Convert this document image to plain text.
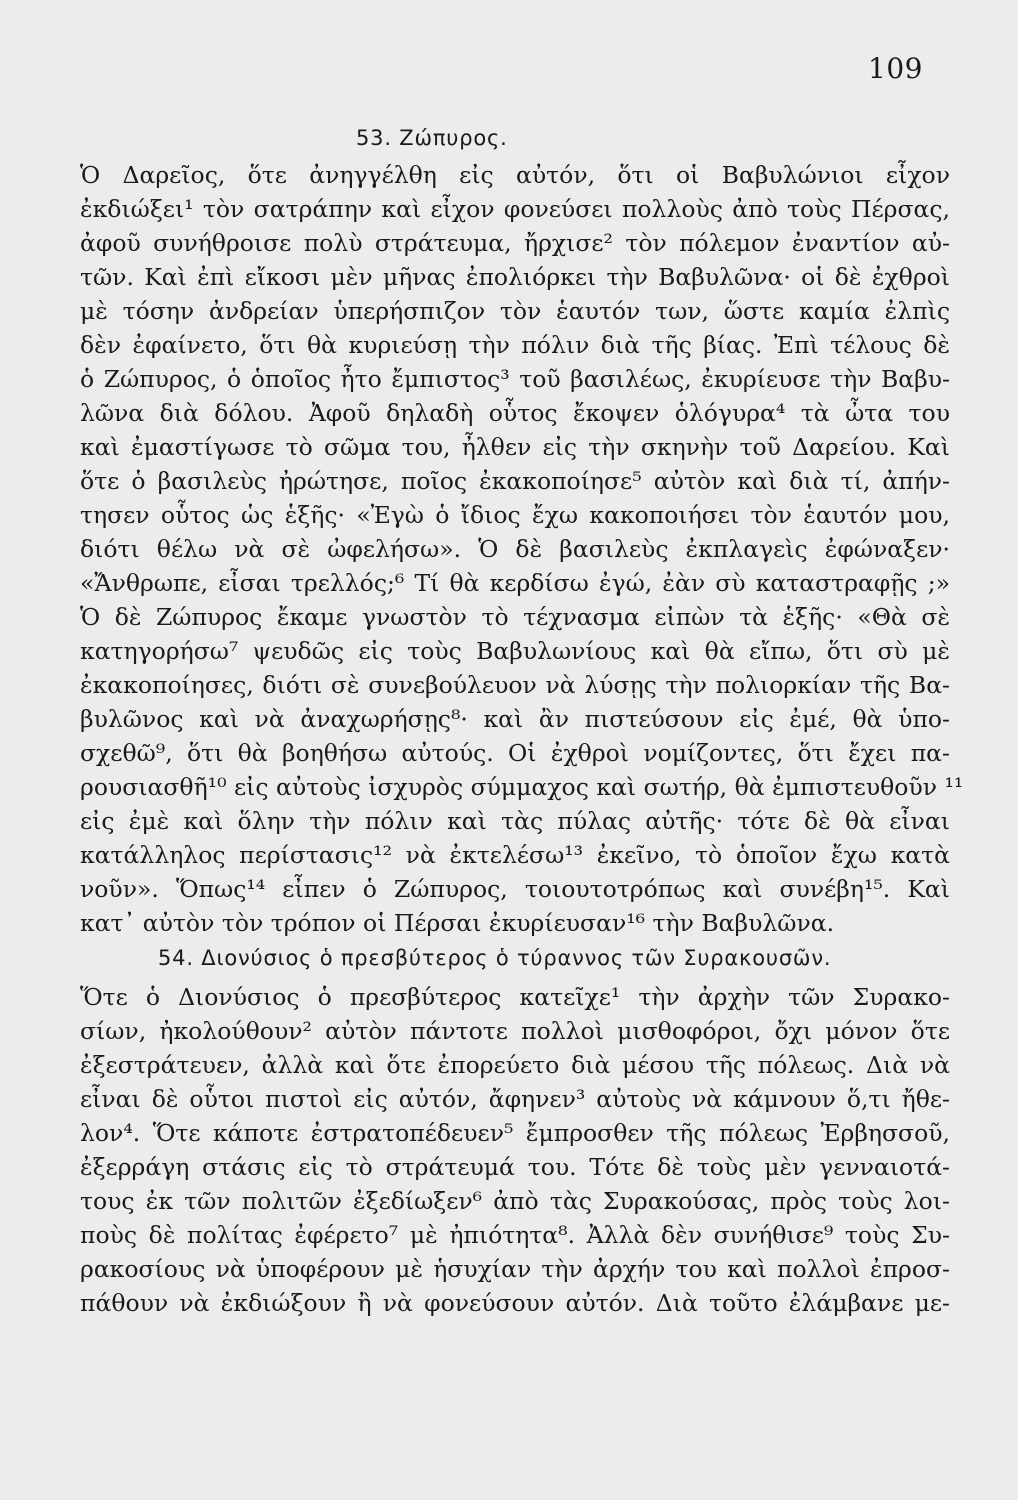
109
53. Ζώπυρος.
Ὁ Δαρεῖος, ὅτε ἀνηγγέλθη εἰς αὐτόν, ὅτι οἱ Βαβυλώνιοι εἶχον
ἐκδιώξει¹ τὸν σατράπην καὶ εἶχον φονεύσει πολλοὺς ἀπὸ τοὺς Πέρσας,
ἀφοῦ συνήθροισε πολὺ στράτευμα, ἤρχισε² τὸν πόλεμον ἐναντίον αὐ-
τῶν. Καὶ ἐπὶ εἴκοσι μὲν μῆνας ἐπολιόρκει τὴν Βαβυλῶνα· οἱ δὲ ἐχθροὶ
μὲ τόσην ἀνδρείαν ὑπερήσπιζον τὸν ἑαυτόν των, ὥστε καμία ἐλπὶς
δὲν ἐφαίνετο, ὅτι θὰ κυριεύσῃ τὴν πόλιν διὰ τῆς βίας. Ἐπὶ τέλους δὲ
ὁ Ζώπυρος, ὁ ὁποῖος ἦτο ἔμπιστος³ τοῦ βασιλέως, ἐκυρίευσε τὴν Βαβυ-
λῶνα διὰ δόλου. Ἀφοῦ δηλαδὴ οὗτος ἔκοψεν ὁλόγυρα⁴ τὰ ὦτα του
καὶ ἐμαστίγωσε τὸ σῶμα του, ἦλθεν εἰς τὴν σκηνὴν τοῦ Δαρείου. Καὶ
ὅτε ὁ βασιλεὺς ἠρώτησε, ποῖος ἐκακοποίησε⁵ αὐτὸν καὶ διὰ τί, ἀπήν-
τησεν οὗτος ὡς ἑξῆς· «Ἐγὼ ὁ ἴδιος ἔχω κακοποιήσει τὸν ἑαυτόν μου,
διότι θέλω νὰ σὲ ὠφελήσω». Ὁ δὲ βασιλεὺς ἐκπλαγεὶς ἐφώναξεν·
«Ἄνθρωπε, εἶσαι τρελλός;⁶ Τί θὰ κερδίσω ἐγώ, ἐὰν σὺ καταστραφῇς ;»
Ὁ δὲ Ζώπυρος ἔκαμε γνωστὸν τὸ τέχνασμα εἰπὼν τὰ ἑξῆς· «Θὰ σὲ
κατηγορήσω⁷ ψευδῶς εἰς τοὺς Βαβυλωνίους καὶ θὰ εἴπω, ὅτι σὺ μὲ
ἐκακοποίησες, διότι σὲ συνεβούλευον νὰ λύσῃς τὴν πολιορκίαν τῆς Βα-
βυλῶνος καὶ νὰ ἀναχωρήσῃς⁸· καὶ ἂν πιστεύσουν εἰς ἐμέ, θὰ ὑπο-
σχεθῶ⁹, ὅτι θὰ βοηθήσω αὐτούς. Οἱ ἐχθροὶ νομίζοντες, ὅτι ἔχει πα-
ρουσιασθῆ¹⁰ εἰς αὐτοὺς ἰσχυρὸς σύμμαχος καὶ σωτήρ, θὰ ἐμπιστευθοῦν ¹¹
εἰς ἐμὲ καὶ ὅλην τὴν πόλιν καὶ τὰς πύλας αὐτῆς· τότε δὲ θὰ εἶναι
κατάλληλος περίστασις¹² νὰ ἐκτελέσω¹³ ἐκεῖνο, τὸ ὁποῖον ἔχω κατὰ
νοῦν». Ὅπως¹⁴ εἶπεν ὁ Ζώπυρος, τοιουτοτρόπως καὶ συνέβη¹⁵. Καὶ
κατ᾽ αὐτὸν τὸν τρόπον οἱ Πέρσαι ἐκυρίευσαν¹⁶ τὴν Βαβυλῶνα.
54. Διονύσιος ὁ πρεσβύτερος ὁ τύραννος τῶν Συρακουσῶν.
Ὅτε ὁ Διονύσιος ὁ πρεσβύτερος κατεῖχε¹ τὴν ἀρχὴν τῶν Συρακο-
σίων, ἠκολούθουν² αὐτὸν πάντοτε πολλοὶ μισθοφόροι, ὄχι μόνον ὅτε
ἐξεστράτευεν, ἀλλὰ καὶ ὅτε ἐπορεύετο διὰ μέσου τῆς πόλεως. Διὰ νὰ
εἶναι δὲ οὗτοι πιστοὶ εἰς αὐτόν, ἄφηνεν³ αὐτοὺς νὰ κάμνουν ὅ,τι ἤθε-
λον⁴. Ὅτε κάποτε ἐστρατοπέδευεν⁵ ἔμπροσθεν τῆς πόλεως Ἐρβησσοῦ,
ἐξερράγη στάσις εἰς τὸ στράτευμά του. Τότε δὲ τοὺς μὲν γενναιοτά-
τους ἐκ τῶν πολιτῶν ἐξεδίωξεν⁶ ἀπὸ τὰς Συρακούσας, πρὸς τοὺς λοι-
ποὺς δὲ πολίτας ἐφέρετο⁷ μὲ ἠπιότητα⁸. Ἀλλὰ δὲν συνήθισε⁹ τοὺς Συ-
ρακοσίους νὰ ὑποφέρουν μὲ ἡσυχίαν τὴν ἀρχήν του καὶ πολλοὶ ἐπροσ-
πάθουν νὰ ἐκδιώξουν ἢ νὰ φονεύσουν αὐτόν. Διὰ τοῦτο ἐλάμβανε με-
